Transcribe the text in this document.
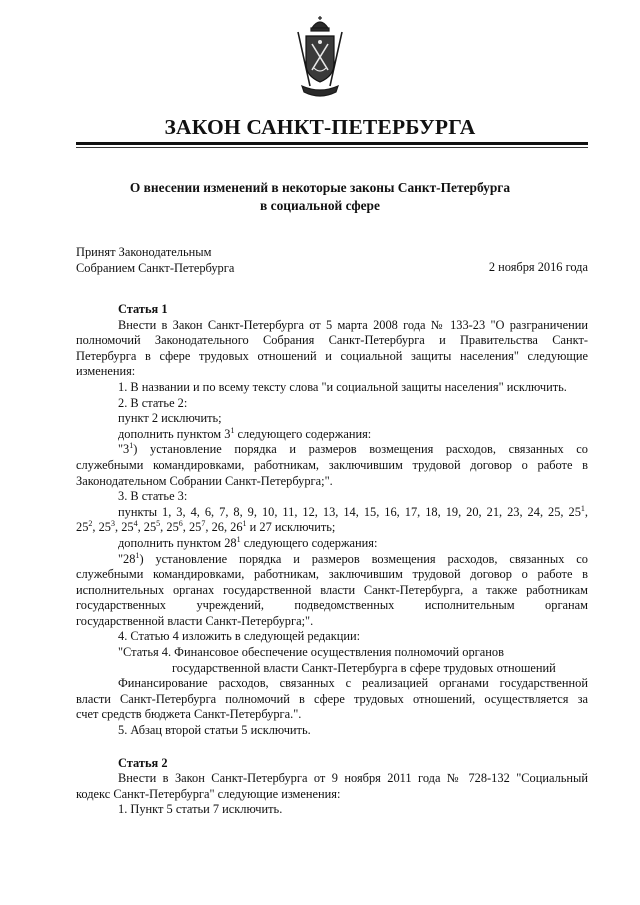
ЗАКОН САНКТ-ПЕТЕРБУРГА
О внесении изменений в некоторые законы Санкт-Петербурга
в социальной сфере
Принят Законодательным
Собранием Санкт-Петербурга	2 ноября 2016 года
Статья 1
Внести в Закон Санкт-Петербурга от 5 марта 2008 года № 133-23 "О разграничении
полномочий Законодательного Собрания Санкт-Петербурга и Правительства Санкт-
Петербурга в сфере трудовых отношений и социальной защиты населения" следующие
изменения:
1. В названии и по всему тексту слова "и социальной защиты населения" исключить.
2. В статье 2:
пункт 2 исключить;
дополнить пунктом $3^1$ следующего содержания:
"$3^1$) установление порядка и размеров возмещения расходов, связанных со
служебными командировками, работникам, заключившим трудовой договор о работе в
Законодательном Собрании Санкт-Петербурга;".
3. В статье 3:
пункты 1, 3, 4, 6, 7, 8, 9, 10, 11, 12, 13, 14, 15, 16, 17, 18, 19, 20, 21, 23, 24, 25, $25^1$,
$25^2$, $25^3$, $25^4$, $25^5$, $25^6$, $25^7$, 26, $26^1$ и 27 исключить;
дополнить пунктом $28^1$ следующего содержания:
"$28^1$) установление порядка и размеров возмещения расходов, связанных со
служебными командировками, работникам, заключившим трудовой договор о работе в
исполнительных органах государственной власти Санкт-Петербурга, а также работникам
государственных учреждений, подведомственных исполнительным органам
государственной власти Санкт-Петербурга;".
4. Статью 4 изложить в следующей редакции:
"Статья 4. Финансовое обеспечение осуществления полномочий органов
государственной власти Санкт-Петербурга в сфере трудовых отношений
Финансирование расходов, связанных с реализацией органами государственной
власти Санкт-Петербурга полномочий в сфере трудовых отношений, осуществляется за
счет средств бюджета Санкт-Петербурга.".
5. Абзац второй статьи 5 исключить.
Статья 2
Внести в Закон Санкт-Петербурга от 9 ноября 2011 года № 728-132 "Социальный
кодекс Санкт-Петербурга" следующие изменения:
1. Пункт 5 статьи 7 исключить.
